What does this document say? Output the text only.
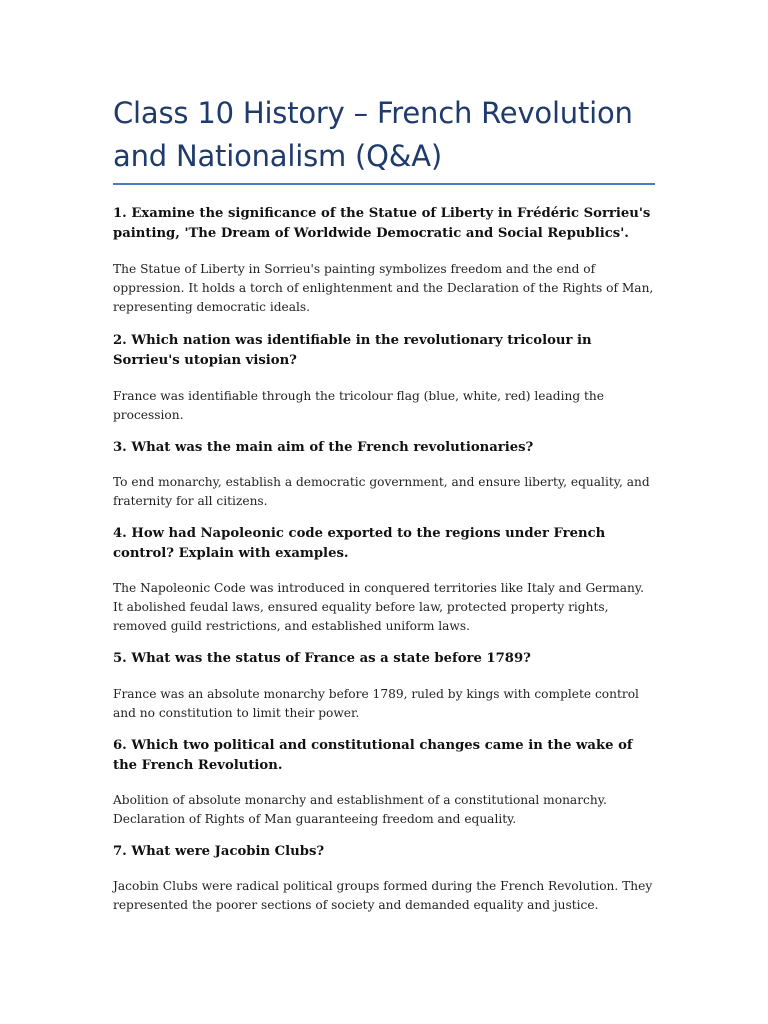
Class 10 History – French Revolution and Nationalism (Q&A)

1. Examine the significance of the Statue of Liberty in Frédéric Sorrieu's painting, 'The Dream of Worldwide Democratic and Social Republics'.

The Statue of Liberty in Sorrieu's painting symbolizes freedom and the end of oppression. It holds a torch of enlightenment and the Declaration of the Rights of Man, representing democratic ideals.

2. Which nation was identifiable in the revolutionary tricolour in Sorrieu's utopian vision?

France was identifiable through the tricolour flag (blue, white, red) leading the procession.

3. What was the main aim of the French revolutionaries?

To end monarchy, establish a democratic government, and ensure liberty, equality, and fraternity for all citizens.

4. How had Napoleonic code exported to the regions under French control? Explain with examples.

The Napoleonic Code was introduced in conquered territories like Italy and Germany. It abolished feudal laws, ensured equality before law, protected property rights, removed guild restrictions, and established uniform laws.

5. What was the status of France as a state before 1789?

France was an absolute monarchy before 1789, ruled by kings with complete control and no constitution to limit their power.

6. Which two political and constitutional changes came in the wake of the French Revolution.

Abolition of absolute monarchy and establishment of a constitutional monarchy. Declaration of Rights of Man guaranteeing freedom and equality.

7. What were Jacobin Clubs?

Jacobin Clubs were radical political groups formed during the French Revolution. They represented the poorer sections of society and demanded equality and justice.
